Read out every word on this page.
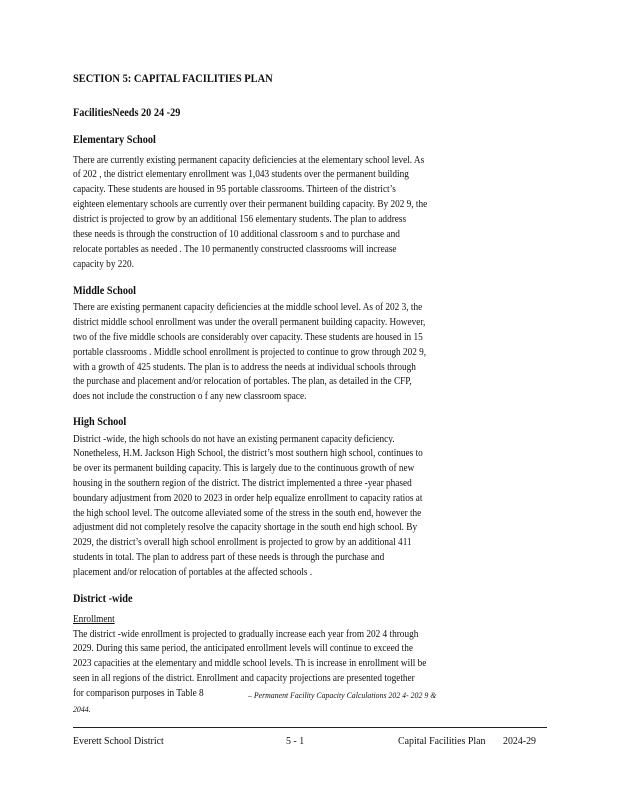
SECTION 5: CAPITAL FACILITIES PLAN

FacilitiesNeeds 20 24 -29

Elementary School

There are currently existing permanent capacity deficiencies at the elementary school level. As

of 202 , the district elementary enrollment was 1,043 students over the permanent building

capacity. These students are housed in 95 portable classrooms. Thirteen of the district’s

eighteen elementary schools are currently over their permanent building capacity. By 202 9, the

district is projected to grow by an additional 156 elementary students. The plan to address

these needs is through the construction of 10 additional classroom s and to purchase and

relocate portables as needed . The 10 permanently constructed classrooms will increase

capacity by 220.

Middle School

There are existing permanent capacity deficiencies at the middle school level. As of 202 3, the

district middle school enrollment was under the overall permanent building capacity. However,

two of the five middle schools are considerably over capacity. These students are housed in 15

portable classrooms . Middle school enrollment is projected to continue to grow through 202 9,

with a growth of 425 students. The plan is to address the needs at individual schools through

the purchase and placement and/or relocation of portables. The plan, as detailed in the CFP,

does not include the construction o f any new classroom space.

High School

District -wide, the high schools do not have an existing permanent capacity deficiency.

Nonetheless, H.M. Jackson High School, the district’s most southern high school, continues to

be over its permanent building capacity. This is largely due to the continuous growth of new

housing in the southern region of the district. The district implemented a three -year phased

boundary adjustment from 2020 to 2023 in order help equalize enrollment to capacity ratios at

the high school level. The outcome alleviated some of the stress in the south end, however the

adjustment did not completely resolve the capacity shortage in the south end high school. By

2029, the district’s overall high school enrollment is projected to grow by an additional 411

students in total. The plan to address part of these needs is through the purchase and

placement and/or relocation of portables at the affected schools .

District -wide

Enrollment

The district -wide enrollment is projected to gradually increase each year from 202 4 through

2029. During this same period, the anticipated enrollment levels will continue to exceed the

2023 capacities at the elementary and middle school levels. Th is increase in enrollment will be

seen in all regions of the district. Enrollment and capacity projections are presented together

for comparison purposes in Table 8	– Permanent Facility Capacity Calculations 202 4- 202 9 &

2044.

Everett School District	5 - 1	Capital Facilities Plan 2024-29
